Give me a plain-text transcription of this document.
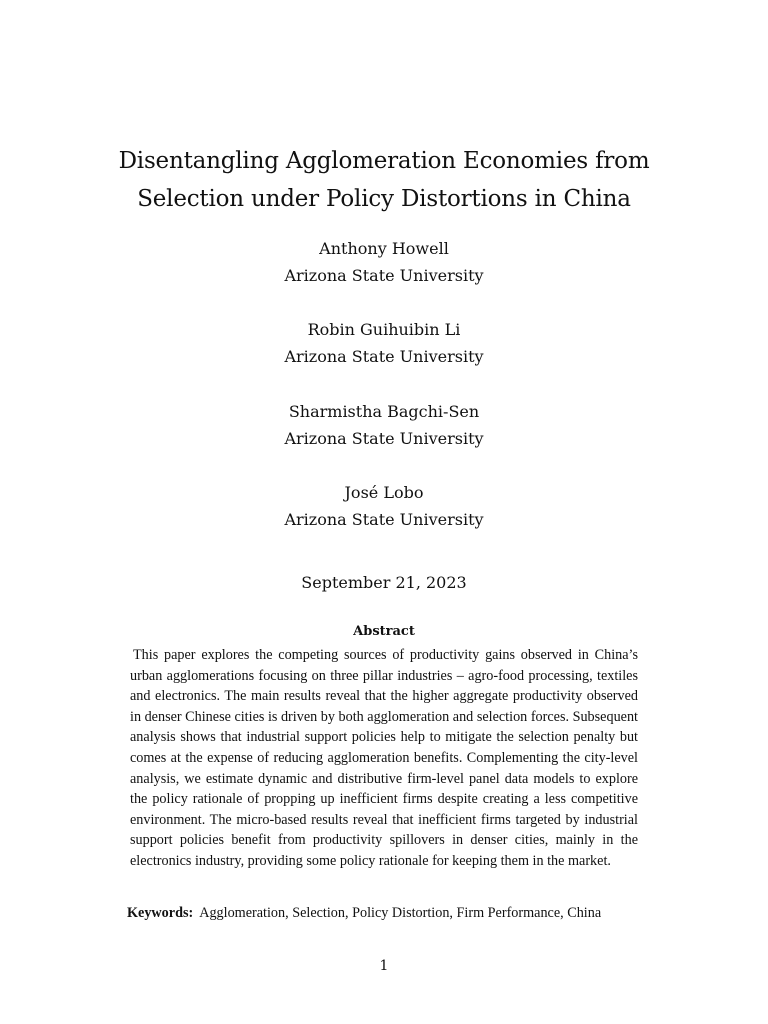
Disentangling Agglomeration Economies from
Selection under Policy Distortions in China
Anthony Howell
Arizona State University
Robin Guihuibin Li
Arizona State University
Sharmistha Bagchi-Sen
Arizona State University
José Lobo
Arizona State University
September 21, 2023
Abstract
This paper explores the competing sources of productivity gains observed in China’s urban agglomerations focusing on three pillar industries – agro-food processing, textiles and electronics. The main results reveal that the higher aggregate productivity observed in denser Chinese cities is driven by both agglomeration and selection forces. Subsequent analysis shows that industrial support policies help to mitigate the selection penalty but comes at the expense of reducing agglomeration benefits. Complementing the city-level analysis, we estimate dynamic and distributive firm-level panel data models to explore the policy rationale of propping up inefficient firms despite creating a less competitive environment. The micro-based results reveal that inefficient firms targeted by industrial support policies benefit from productivity spillovers in denser cities, mainly in the electronics industry, providing some policy rationale for keeping them in the market.
Keywords: Agglomeration, Selection, Policy Distortion, Firm Performance, China
1
